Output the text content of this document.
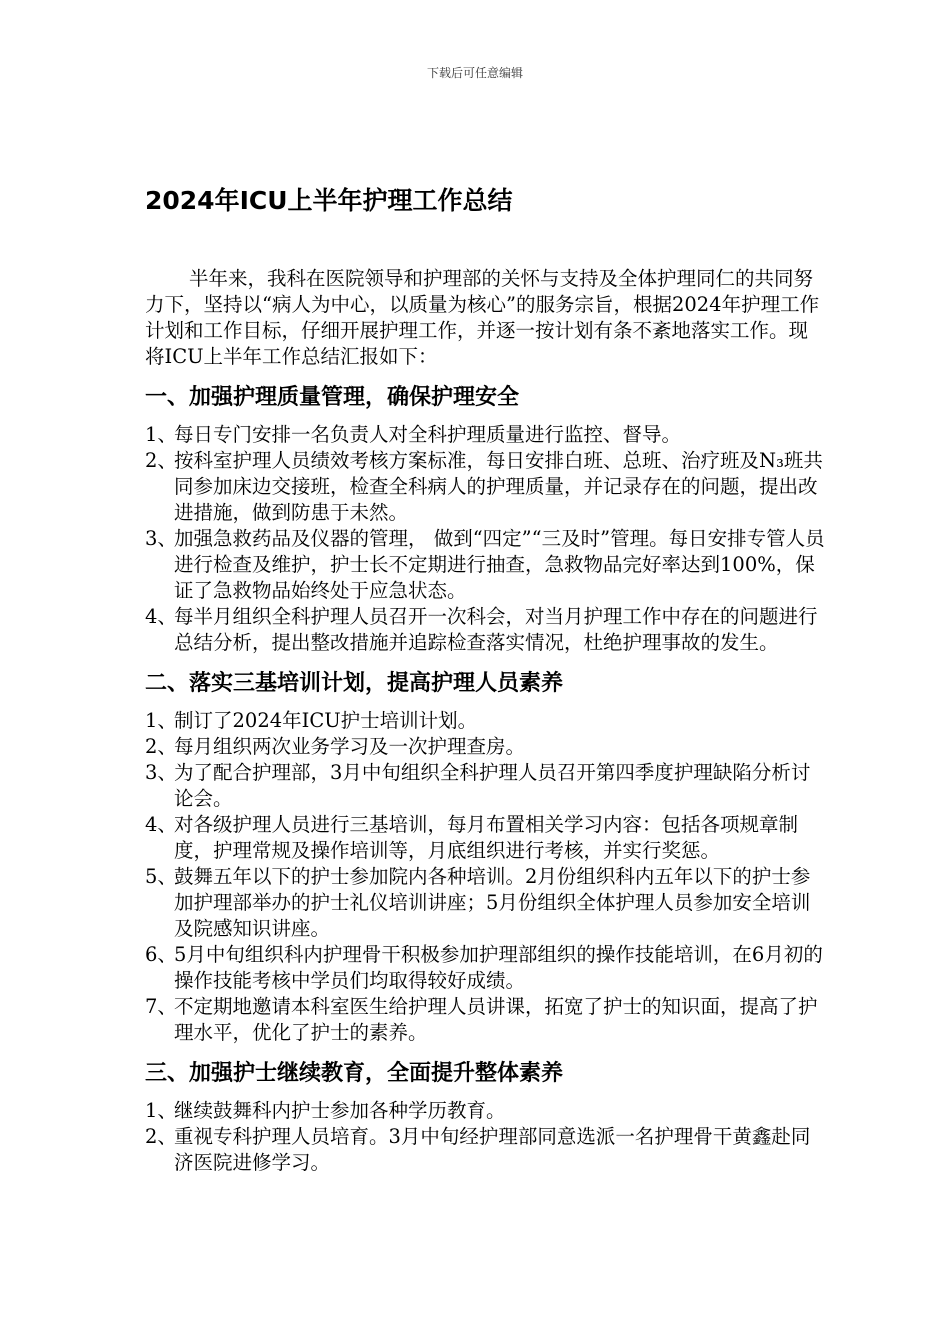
下载后可任意编辑
2024年ICU上半年护理工作总结

半年来，我科在医院领导和护理部的关怀与支持及全体护理同仁的共同努力下，坚持以“病人为中心，以质量为核心”的服务宗旨，根据2024年护理工作计划和工作目标，仔细开展护理工作，并逐一按计划有条不紊地落实工作。现将ICU上半年工作总结汇报如下：

一、加强护理质量管理，确保护理安全
1、
每日专门安排一名负责人对全科护理质量进行监控、督导。
2、
按科室护理人员绩效考核方案标准，每日安排白班、总班、治疗班及N₃班共同参加床边交接班，检查全科病人的护理质量，并记录存在的问题，提出改进措施，做到防患于未然。
3、
加强急救药品及仪器的管理， 做到“四定”“三及时”管理。每日安排专管人员进行检查及维护，护士长不定期进行抽查，急救物品完好率达到100%，保证了急救物品始终处于应急状态。
4、
每半月组织全科护理人员召开一次科会，对当月护理工作中存在的问题进行总结分析，提出整改措施并追踪检查落实情况，杜绝护理事故的发生。
二、落实三基培训计划，提高护理人员素养
1、
制订了2024年ICU护士培训计划。
2、
每月组织两次业务学习及一次护理查房。
3、
为了配合护理部，3月中旬组织全科护理人员召开第四季度护理缺陷分析讨论会。
4、
对各级护理人员进行三基培训，每月布置相关学习内容：包括各项规章制度，护理常规及操作培训等，月底组织进行考核，并实行奖惩。
5、
鼓舞五年以下的护士参加院内各种培训。2月份组织科内五年以下的护士参加护理部举办的护士礼仪培训讲座；5月份组织全体护理人员参加安全培训及院感知识讲座。
6、
5月中旬组织科内护理骨干积极参加护理部组织的操作技能培训，在6月初的操作技能考核中学员们均取得较好成绩。
7、
不定期地邀请本科室医生给护理人员讲课，拓宽了护士的知识面，提高了护理水平，优化了护士的素养。
三、加强护士继续教育，全面提升整体素养
1、
继续鼓舞科内护士参加各种学历教育。
2、
重视专科护理人员培育。3月中旬经护理部同意选派一名护理骨干黄鑫赴同济医院进修学习。
